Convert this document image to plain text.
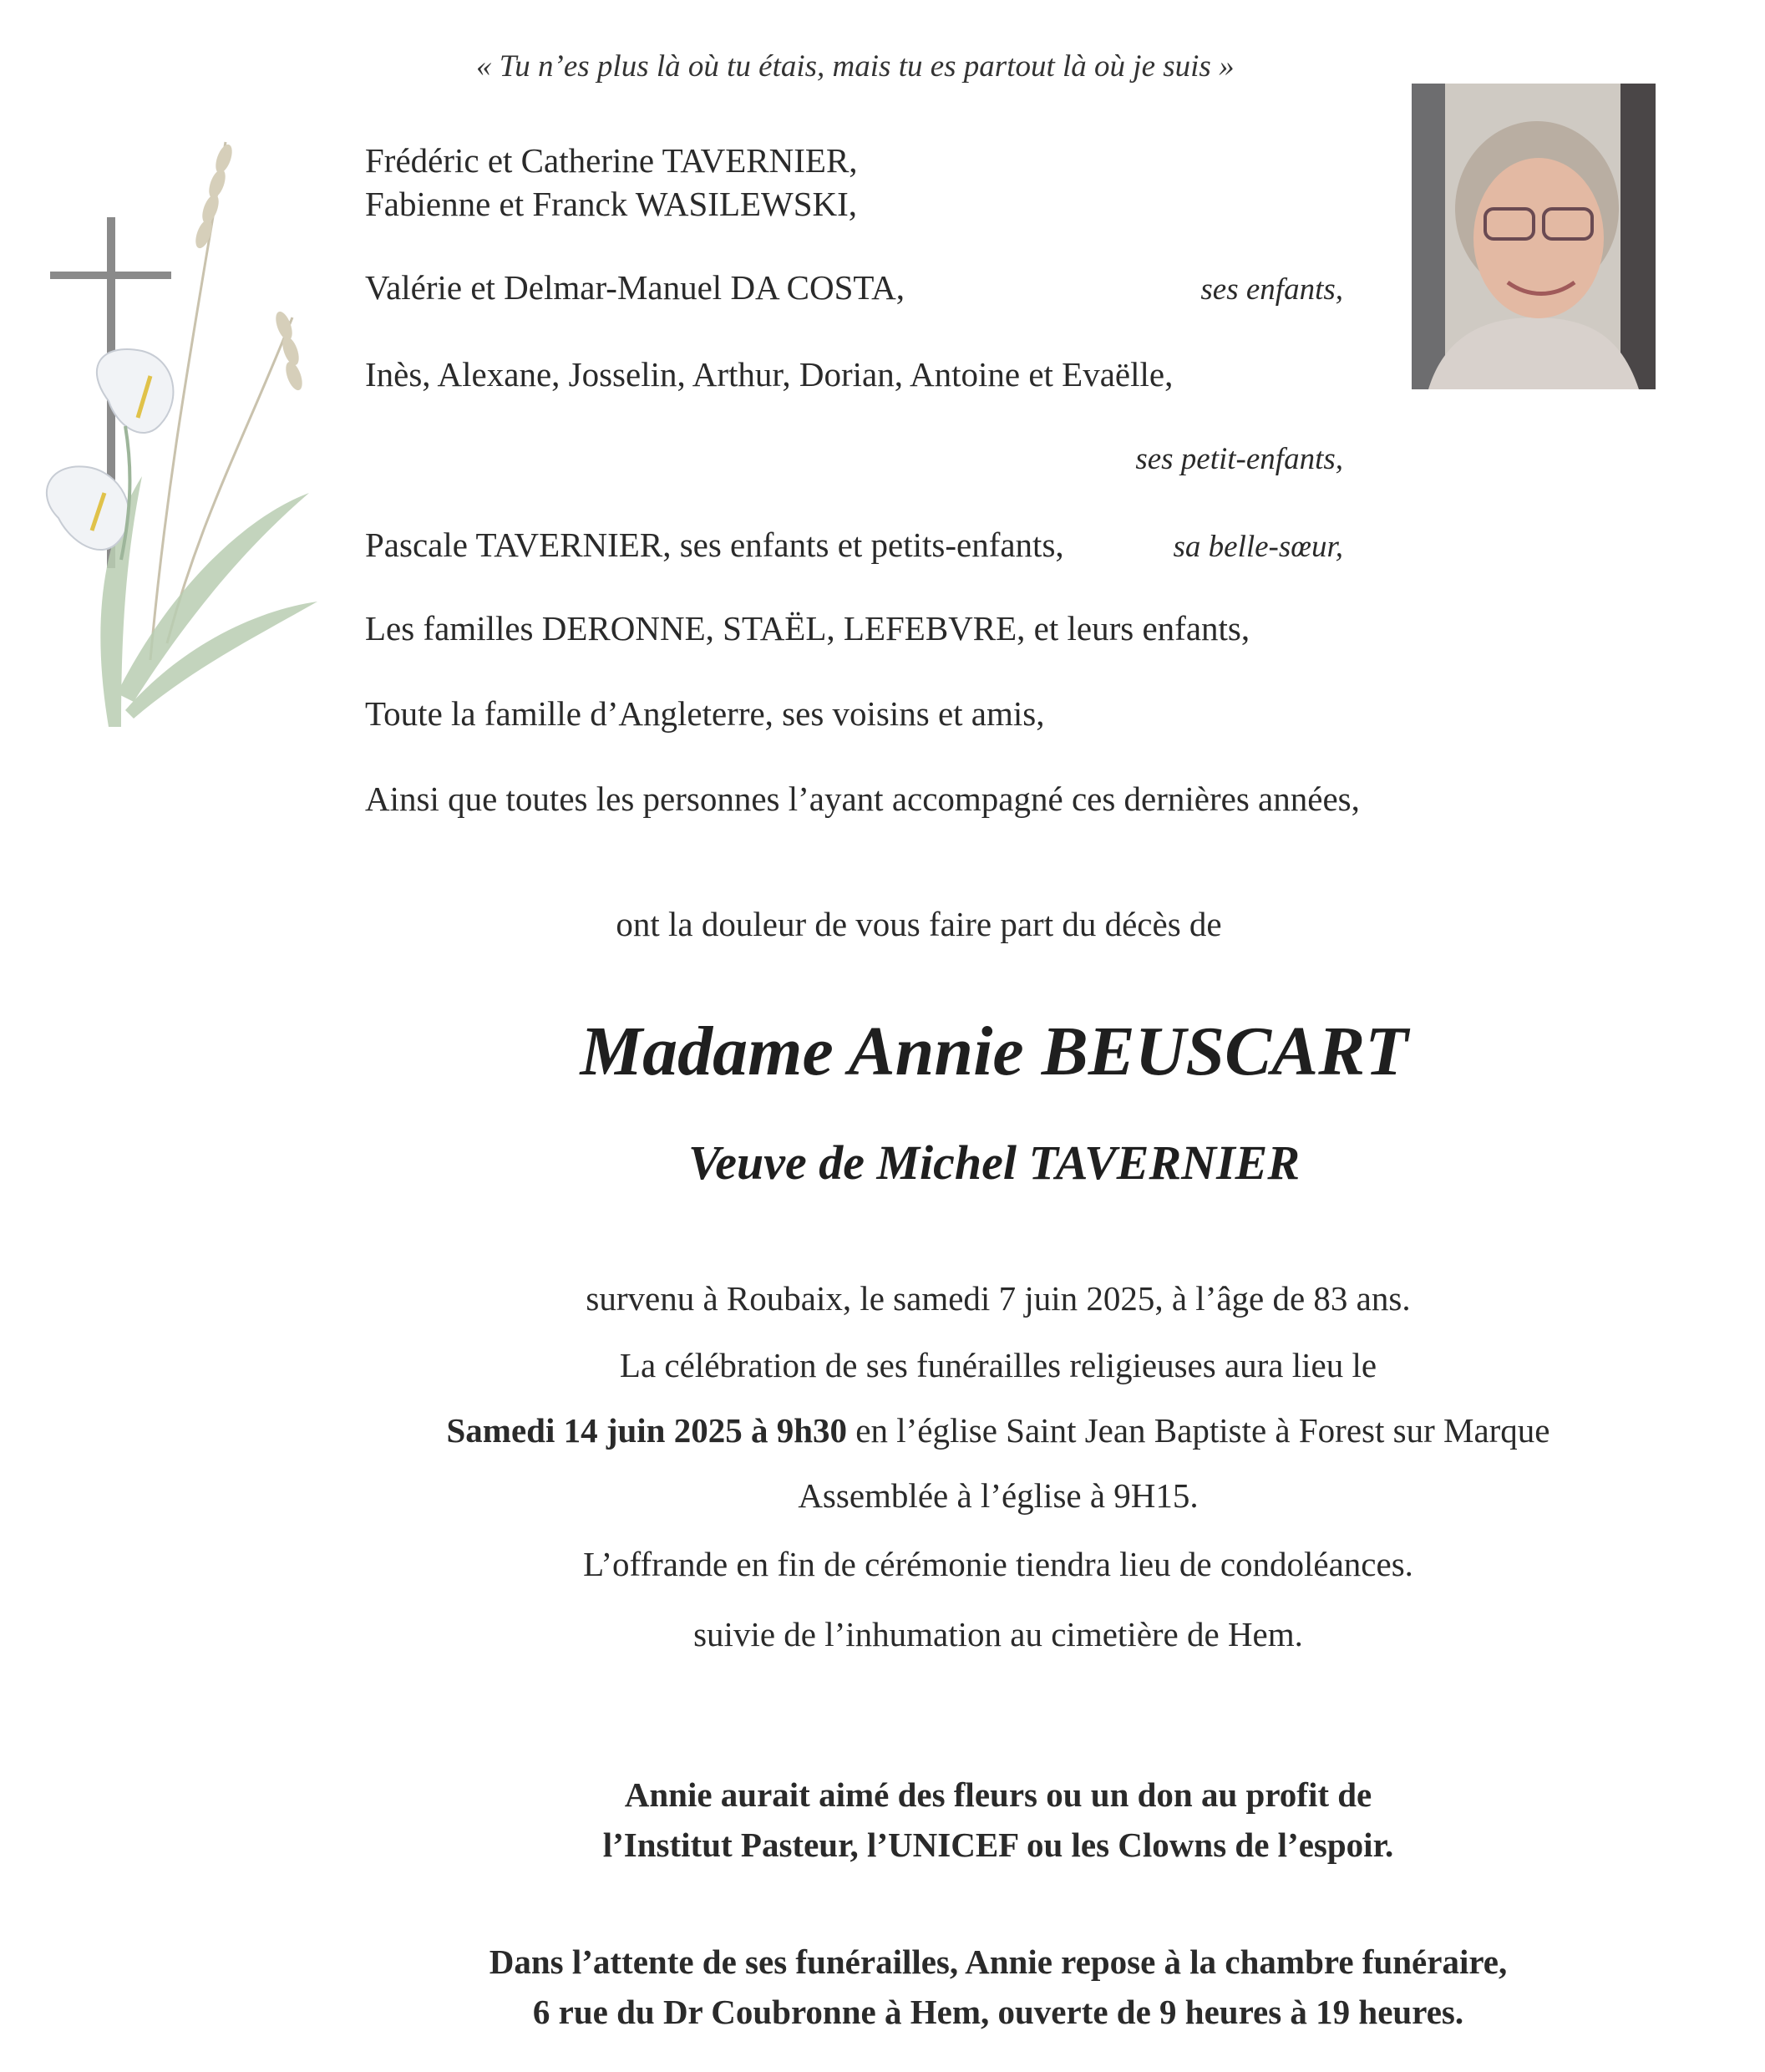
« Tu n’es plus là où tu étais, mais tu es partout là où je suis »
Frédéric et Catherine TAVERNIER,
Fabienne et Franck WASILEWSKI,
Valérie et Delmar-Manuel DA COSTA,	ses enfants,
Inès, Alexane, Josselin, Arthur, Dorian, Antoine et Evaëlle,
ses petit-enfants,
Pascale TAVERNIER, ses enfants et petits-enfants,	sa belle-sœur,
Les familles DERONNE, STAËL, LEFEBVRE, et leurs enfants,
Toute la famille d’Angleterre, ses voisins et amis,
Ainsi que toutes les personnes l’ayant accompagné ces dernières années,
ont la douleur de vous faire part du décès de
Madame Annie BEUSCART
Veuve de Michel TAVERNIER
survenu à Roubaix, le samedi 7 juin 2025, à l’âge de 83 ans.
La célébration de ses funérailles religieuses aura lieu le
Samedi 14 juin 2025 à 9h30 en l’église Saint Jean Baptiste à Forest sur Marque
Assemblée à l’église à 9H15.
L’offrande en fin de cérémonie tiendra lieu de condoléances.
suivie de l’inhumation au cimetière de Hem.
Annie aurait aimé des fleurs ou un don au profit de
l’Institut Pasteur, l’UNICEF ou les Clowns de l’espoir.
Dans l’attente de ses funérailles, Annie repose à la chambre funéraire,
6 rue du Dr Coubronne à Hem, ouverte de 9 heures à 19 heures.
